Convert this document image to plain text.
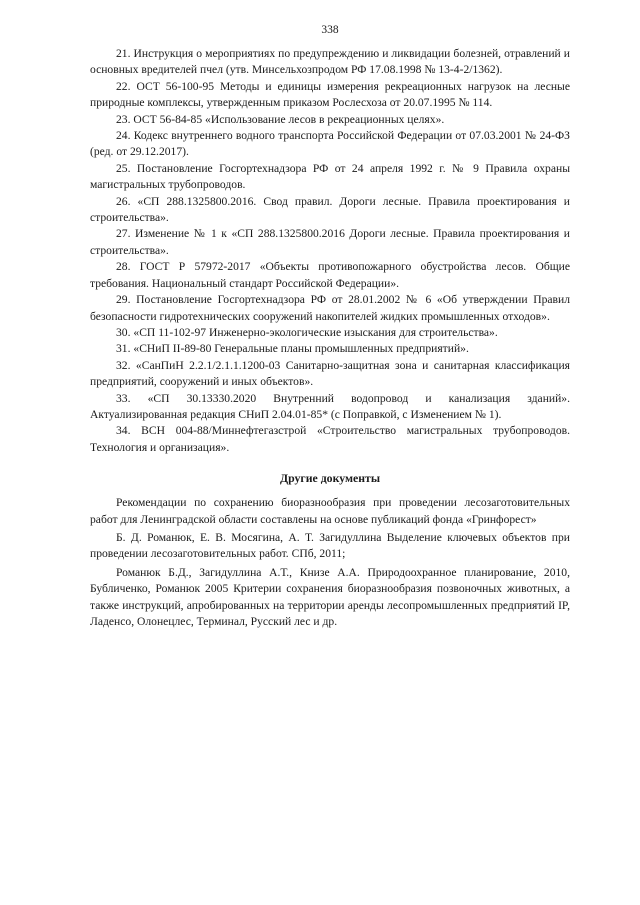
338

21. Инструкция о мероприятиях по предупреждению и ликвидации болезней, отравлений и основных вредителей пчел (утв. Минсельхозпродом РФ 17.08.1998 № 13-4-2/1362).

22. ОСТ 56-100-95 Методы и единицы измерения рекреационных нагрузок на лесные природные комплексы, утвержденным приказом Рослесхоза от 20.07.1995 № 114.

23. ОСТ 56-84-85 «Использование лесов в рекреационных целях».

24. Кодекс внутреннего водного транспорта Российской Федерации от 07.03.2001 № 24-ФЗ (ред. от 29.12.2017).

25. Постановление Госгортехнадзора РФ от 24 апреля 1992 г. № 9 Правила охраны магистральных трубопроводов.

26. «СП 288.1325800.2016. Свод правил. Дороги лесные. Правила проектирования и строительства».

27. Изменение № 1 к «СП 288.1325800.2016 Дороги лесные. Правила проектирования и строительства».

28. ГОСТ Р 57972-2017 «Объекты противопожарного обустройства лесов. Общие требования. Национальный стандарт Российской Федерации».

29. Постановление Госгортехнадзора РФ от 28.01.2002 № 6 «Об утверждении Правил безопасности гидротехнических сооружений накопителей жидких промышленных отходов».

30. «СП 11-102-97 Инженерно-экологические изыскания для строительства».

31. «СНиП II-89-80 Генеральные планы промышленных предприятий».

32. «СанПиН 2.2.1/2.1.1.1200-03 Санитарно-защитная зона и санитарная классификация предприятий, сооружений и иных объектов».

33. «СП 30.13330.2020 Внутренний водопровод и канализация зданий». Актуализированная редакция СНиП 2.04.01-85* (с Поправкой, с Изменением № 1).

34. ВСН 004-88/Миннефтегазстрой «Строительство магистральных трубопроводов. Технология и организация».

Другие документы

Рекомендации по сохранению биоразнообразия при проведении лесозаготовительных работ для Ленинградской области составлены на основе публикаций фонда «Гринфорест»

Б. Д. Романюк, Е. В. Мосягина, А. Т. Загидуллина Выделение ключевых объектов при проведении лесозаготовительных работ. СПб, 2011;

Романюк Б.Д., Загидуллина А.Т., Книзе А.А. Природоохранное планирование, 2010, Бубличенко, Романюк 2005 Критерии сохранения биоразнообразия позвоночных животных, а также инструкций, апробированных на территории аренды лесопромышленных предприятий IP, Ладенсо, Олонецлес, Терминал, Русский лес и др.
